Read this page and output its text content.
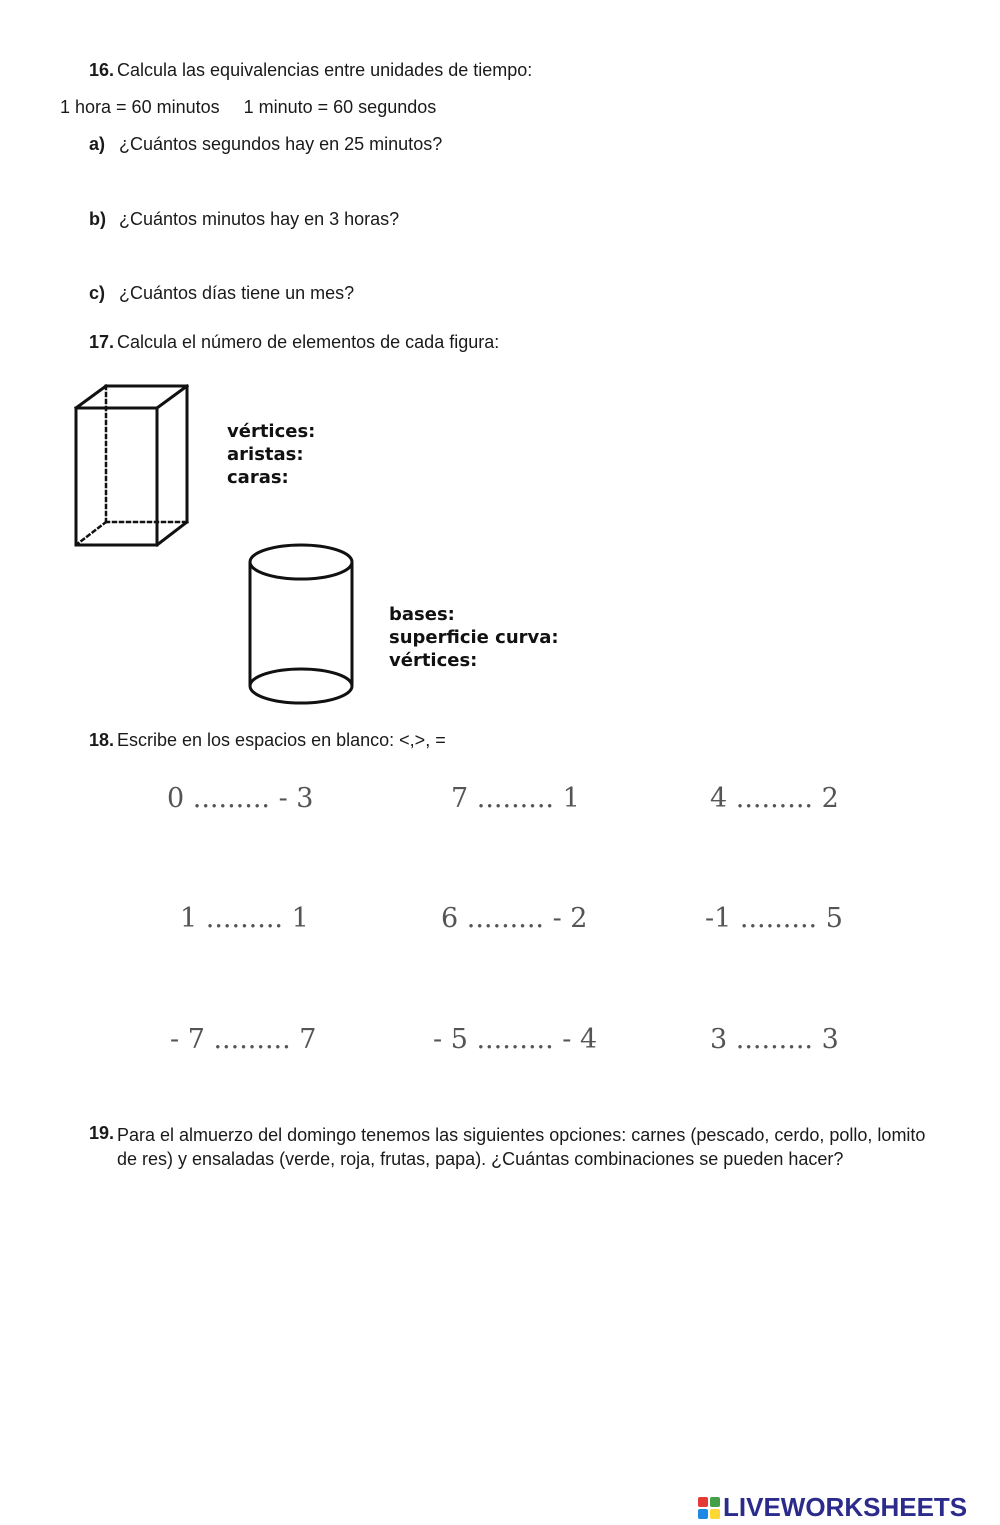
16. Calcula las equivalencias entre unidades de tiempo:
1 hora = 60 minutos 1 minuto = 60 segundos
a) ¿Cuántos segundos hay en 25 minutos?
b) ¿Cuántos minutos hay en 3 horas?
c) ¿Cuántos días tiene un mes?
17. Calcula el número de elementos de cada figura:
vértices:
aristas:
caras:
bases:
superficie curva:
vértices:
18. Escribe en los espacios en blanco: <,>, =
0 ......... - 3	7 ......... 1	4 ......... 2
1 ......... 1	6 ......... - 2	-1 ......... 5
- 7 ......... 7	- 5 ......... - 4	3 ......... 3
19. Para el almuerzo del domingo tenemos las siguientes opciones: carnes (pescado, cerdo, pollo, lomito de res) y ensaladas (verde, roja, frutas, papa). ¿Cuántas combinaciones se pueden hacer?
LIVEWORKSHEETS
